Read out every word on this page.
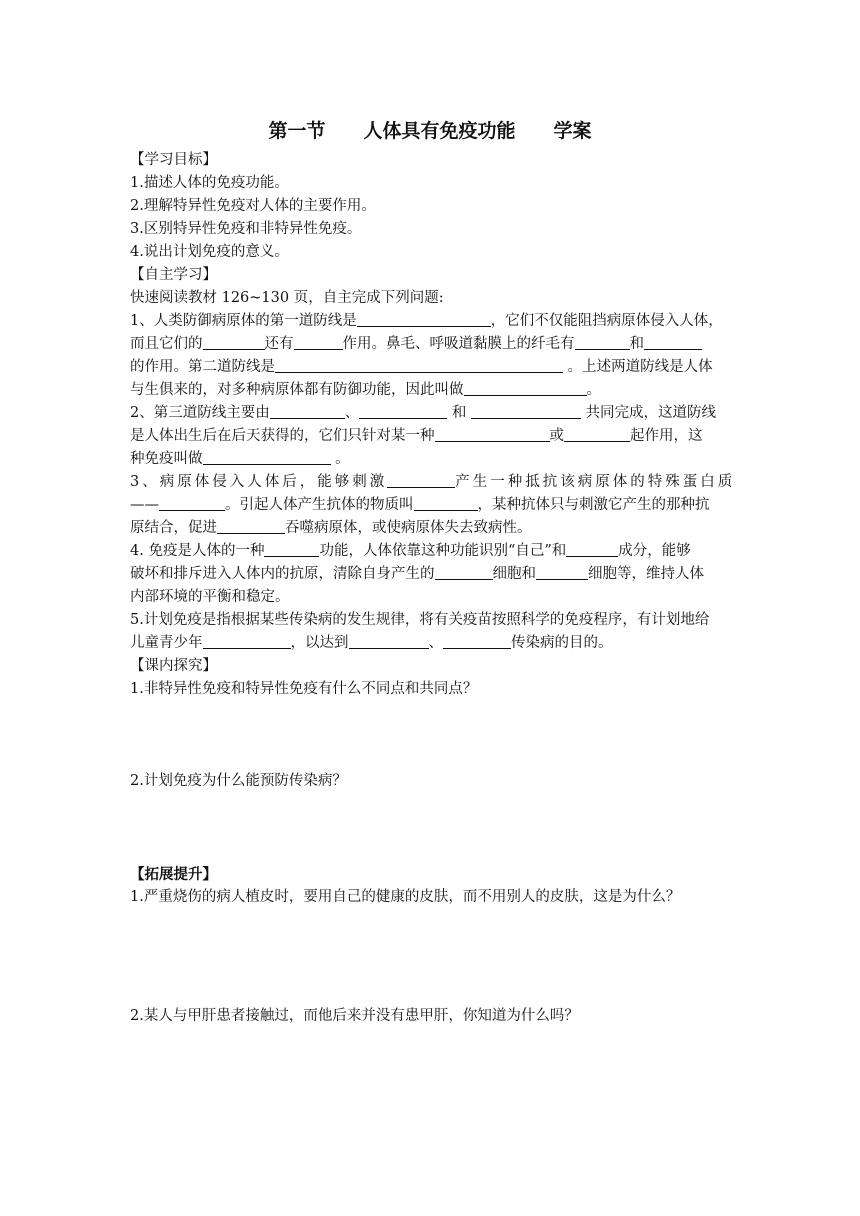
第一节　　人体具有免疫功能　　学案
【学习目标】
1.描述人体的免疫功能。
2.理解特异性免疫对人体的主要作用。
3.区别特异性免疫和非特异性免疫。
4.说出计划免疫的意义。
【自主学习】
快速阅读教材 126~130 页，自主完成下列问题:
1、人类防御病原体的第一道防线是	，它们不仅能阻挡病原体侵入人体，
而且它们的	还有	作用。鼻毛、呼吸道黏膜上的纤毛有	和
的作用。第二道防线是	。上述两道防线是人体
与生俱来的，对多种病原体都有防御功能，因此叫做	。
2、第三道防线主要由	、	和	共同完成，这道防线
是人体出生后在后天获得的，它们只针对某一种	或	起作用，这
种免疫叫做	。
3、病原体侵入人体后，能够刺激	产生一种抵抗该病原体的特殊蛋白质
——	。引起人体产生抗体的物质叫	，某种抗体只与刺激它产生的那种抗
原结合，促进	吞噬病原体，或使病原体失去致病性。
4. 免疫是人体的一种	功能，人体依靠这种功能识别“自己”和	成分，能够
破坏和排斥进入人体内的抗原，清除自身产生的	细胞和	细胞等，维持人体
内部环境的平衡和稳定。
5.计划免疫是指根据某些传染病的发生规律，将有关疫苗按照科学的免疫程序，有计划地给
儿童青少年	，以达到	、	传染病的目的。
【课内探究】
1.非特异性免疫和特异性免疫有什么不同点和共同点？
2.计划免疫为什么能预防传染病？
【拓展提升】
1.严重烧伤的病人植皮时，要用自己的健康的皮肤，而不用别人的皮肤，这是为什么？
2.某人与甲肝患者接触过，而他后来并没有患甲肝，你知道为什么吗？
